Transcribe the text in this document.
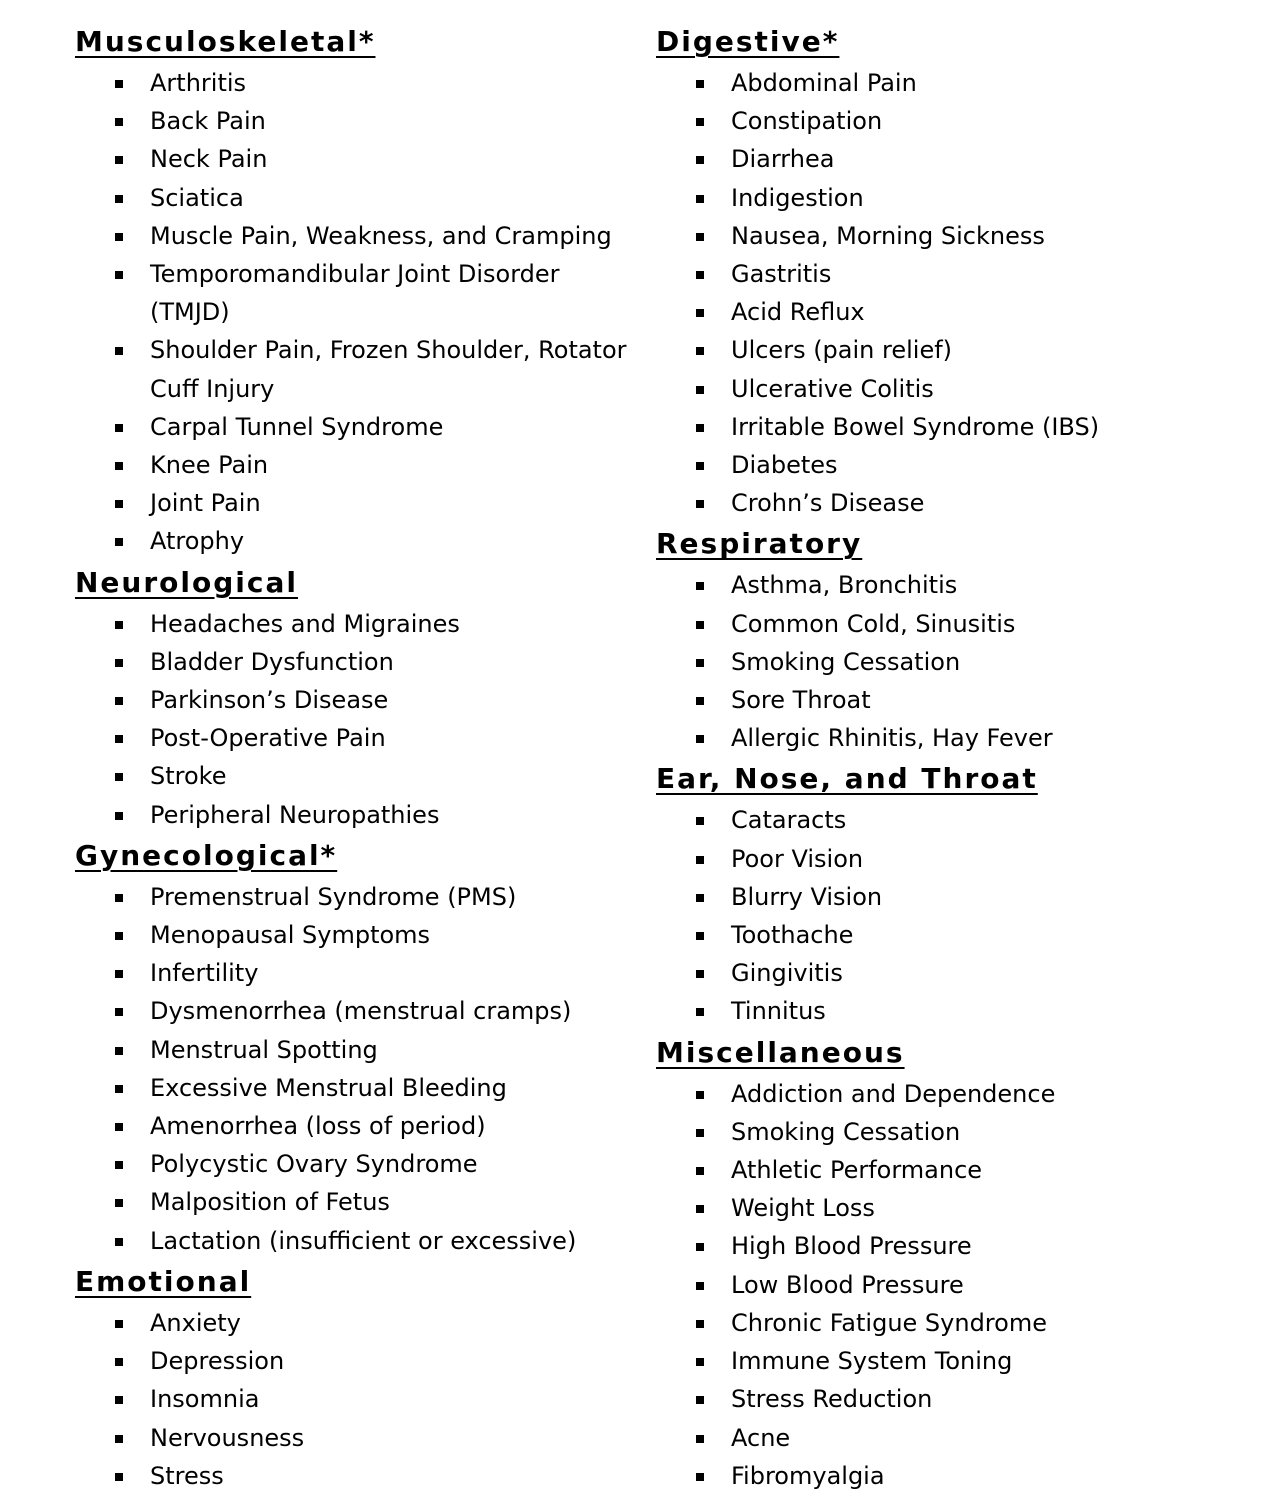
Musculoskeletal*
Arthritis
Back Pain
Neck Pain
Sciatica
Muscle Pain, Weakness, and Cramping
Temporomandibular Joint Disorder (TMJD)
Shoulder Pain, Frozen Shoulder, Rotator Cuff Injury
Carpal Tunnel Syndrome
Knee Pain
Joint Pain
Atrophy
Neurological
Headaches and Migraines
Bladder Dysfunction
Parkinson’s Disease
Post-Operative Pain
Stroke
Peripheral Neuropathies
Gynecological*
Premenstrual Syndrome (PMS)
Menopausal Symptoms
Infertility
Dysmenorrhea (menstrual cramps)
Menstrual Spotting
Excessive Menstrual Bleeding
Amenorrhea (loss of period)
Polycystic Ovary Syndrome
Malposition of Fetus
Lactation (insufficient or excessive)
Emotional
Anxiety
Depression
Insomnia
Nervousness
Stress
Digestive*
Abdominal Pain
Constipation
Diarrhea
Indigestion
Nausea, Morning Sickness
Gastritis
Acid Reflux
Ulcers (pain relief)
Ulcerative Colitis
Irritable Bowel Syndrome (IBS)
Diabetes
Crohn’s Disease
Respiratory
Asthma, Bronchitis
Common Cold, Sinusitis
Smoking Cessation
Sore Throat
Allergic Rhinitis, Hay Fever
Ear, Nose, and Throat
Cataracts
Poor Vision
Blurry Vision
Toothache
Gingivitis
Tinnitus
Miscellaneous
Addiction and Dependence
Smoking Cessation
Athletic Performance
Weight Loss
High Blood Pressure
Low Blood Pressure
Chronic Fatigue Syndrome
Immune System Toning
Stress Reduction
Acne
Fibromyalgia
